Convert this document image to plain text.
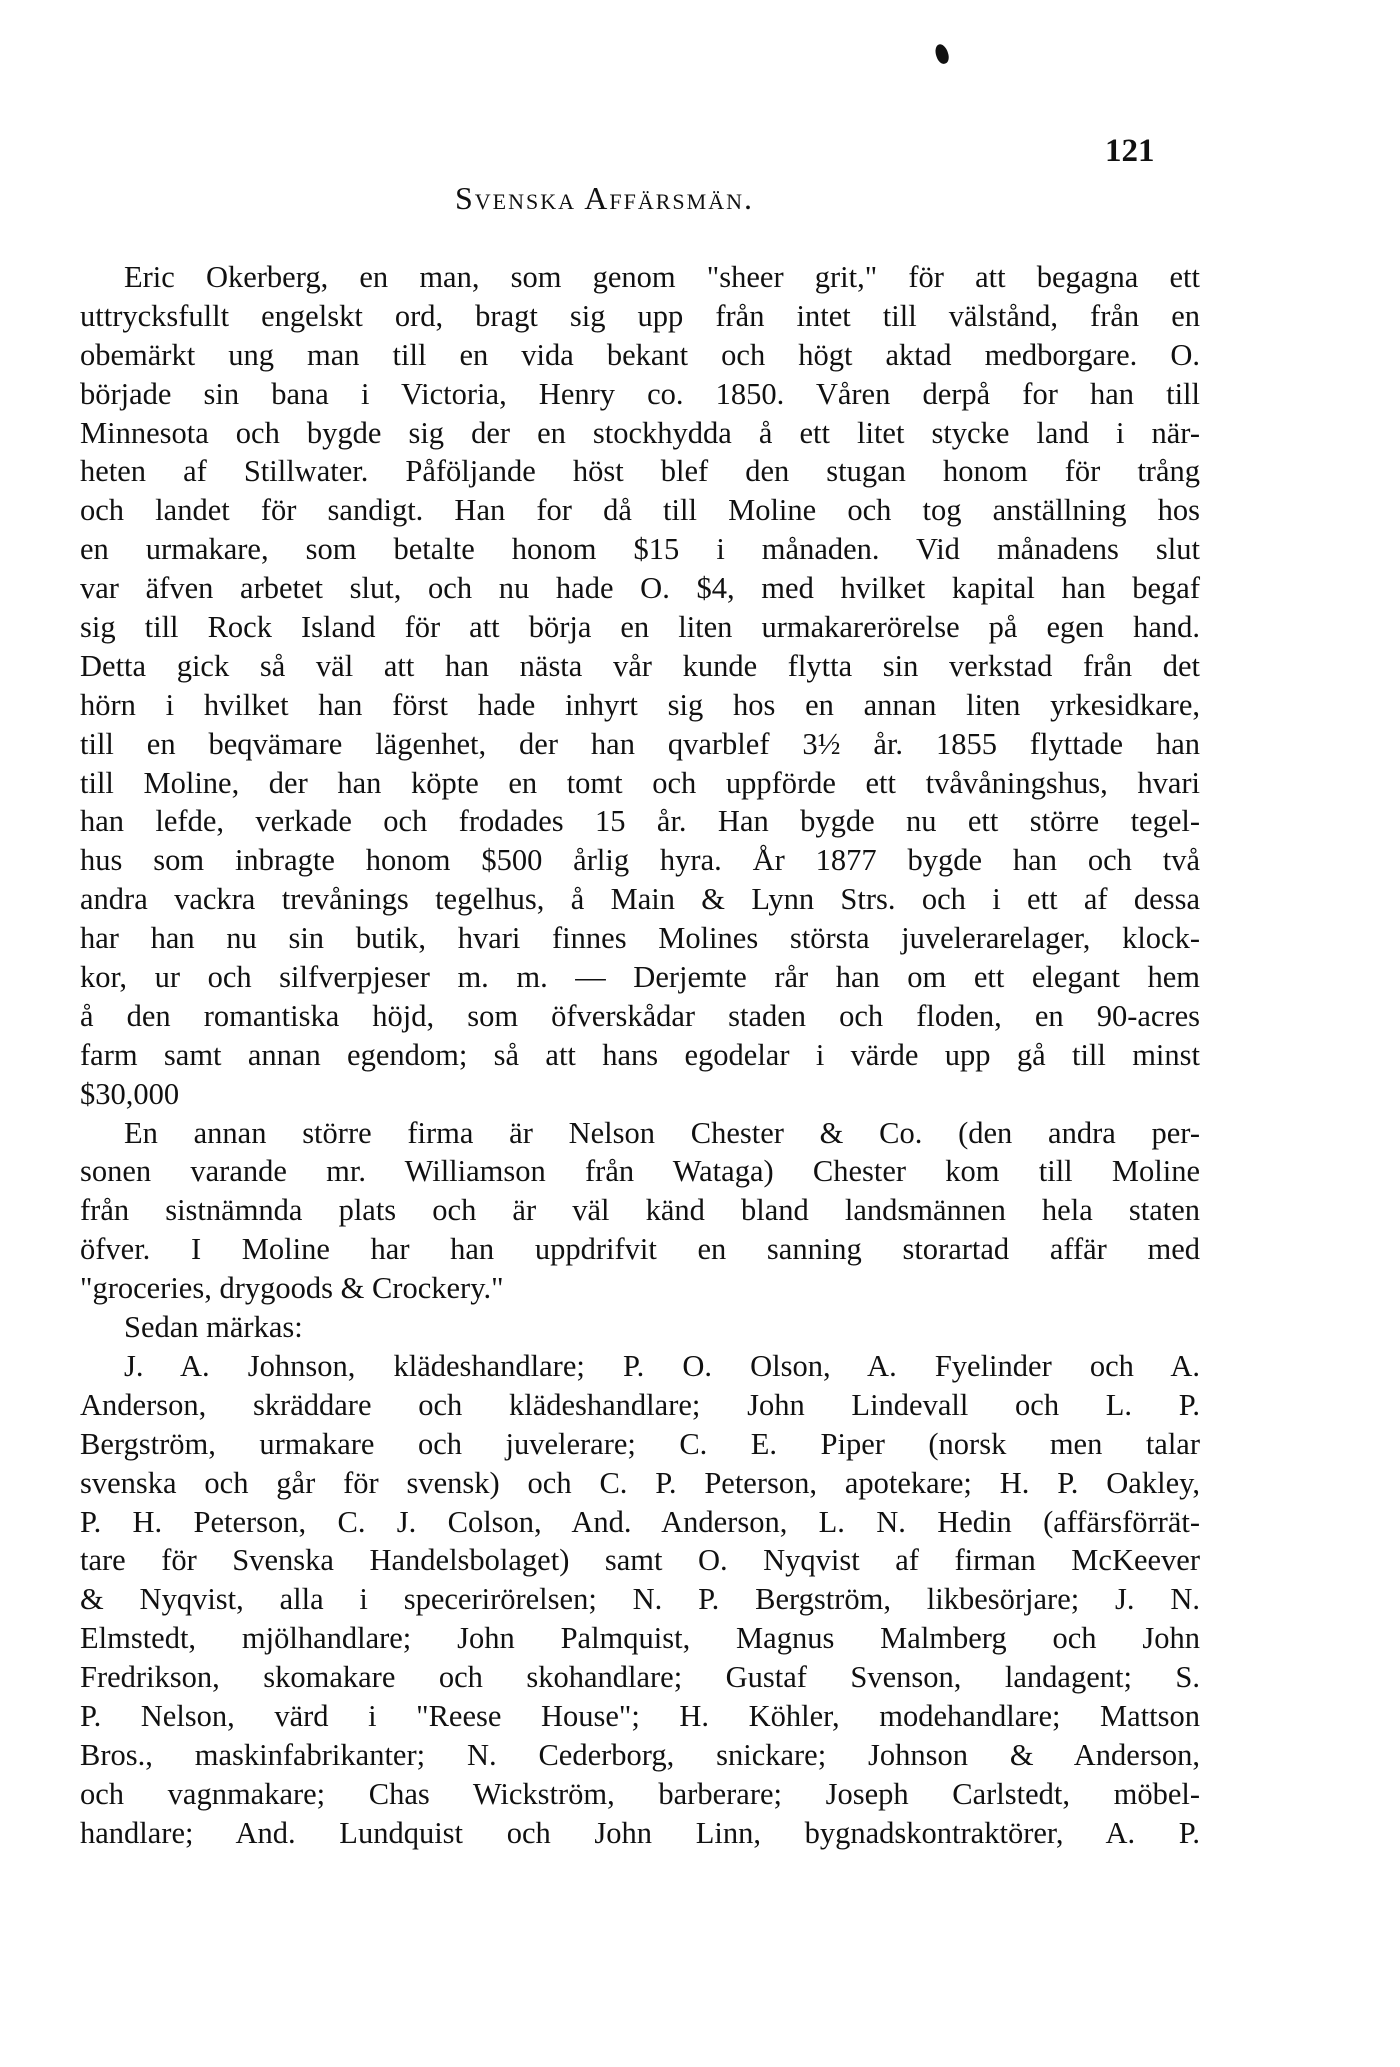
Svenska Affärsmän.
121
Eric Okerberg, en man, som genom "sheer grit," för att begagna ett
uttrycksfullt engelskt ord, bragt sig upp från intet till välstånd, från en
obemärkt ung man till en vida bekant och högt aktad medborgare. O.
började sin bana i Victoria, Henry co. 1850. Våren derpå for han till
Minnesota och bygde sig der en stockhydda å ett litet stycke land i när-
heten af Stillwater. Påföljande höst blef den stugan honom för trång
och landet för sandigt. Han for då till Moline och tog anställning hos
en urmakare, som betalte honom $15 i månaden. Vid månadens slut
var äfven arbetet slut, och nu hade O. $4, med hvilket kapital han begaf
sig till Rock Island för att börja en liten urmakarerörelse på egen hand.
Detta gick så väl att han nästa vår kunde flytta sin verkstad från det
hörn i hvilket han först hade inhyrt sig hos en annan liten yrkesidkare,
till en beqvämare lägenhet, der han qvarblef 3½ år. 1855 flyttade han
till Moline, der han köpte en tomt och uppförde ett tvåvåningshus, hvari
han lefde, verkade och frodades 15 år. Han bygde nu ett större tegel-
hus som inbragte honom $500 årlig hyra. År 1877 bygde han och två
andra vackra trevånings tegelhus, å Main & Lynn Strs. och i ett af dessa
har han nu sin butik, hvari finnes Molines största juvelerarelager, klock-
kor, ur och silfverpjeser m. m. — Derjemte rår han om ett elegant hem
å den romantiska höjd, som öfverskådar staden och floden, en 90-acres
farm samt annan egendom; så att hans egodelar i värde upp gå till minst
$30,000
En annan större firma är Nelson Chester & Co. (den andra per-
sonen varande mr. Williamson från Wataga) Chester kom till Moline
från sistnämnda plats och är väl känd bland landsmännen hela staten
öfver. I Moline har han uppdrifvit en sanning storartad affär med
"groceries, drygoods & Crockery."
Sedan märkas:
J. A. Johnson, klädeshandlare; P. O. Olson, A. Fyelinder och A.
Anderson, skräddare och klädeshandlare; John Lindevall och L. P.
Bergström, urmakare och juvelerare; C. E. Piper (norsk men talar
svenska och går för svensk) och C. P. Peterson, apotekare; H. P. Oakley,
P. H. Peterson, C. J. Colson, And. Anderson, L. N. Hedin (affärsförrät-
tare för Svenska Handelsbolaget) samt O. Nyqvist af firman McKeever
& Nyqvist, alla i specerirörelsen; N. P. Bergström, likbesörjare; J. N.
Elmstedt, mjölhandlare; John Palmquist, Magnus Malmberg och John
Fredrikson, skomakare och skohandlare; Gustaf Svenson, landagent; S.
P. Nelson, värd i "Reese House"; H. Köhler, modehandlare; Mattson
Bros., maskinfabrikanter; N. Cederborg, snickare; Johnson & Anderson,
och vagnmakare; Chas Wickström, barberare; Joseph Carlstedt, möbel-
handlare; And. Lundquist och John Linn, bygnadskontraktörer, A. P.
